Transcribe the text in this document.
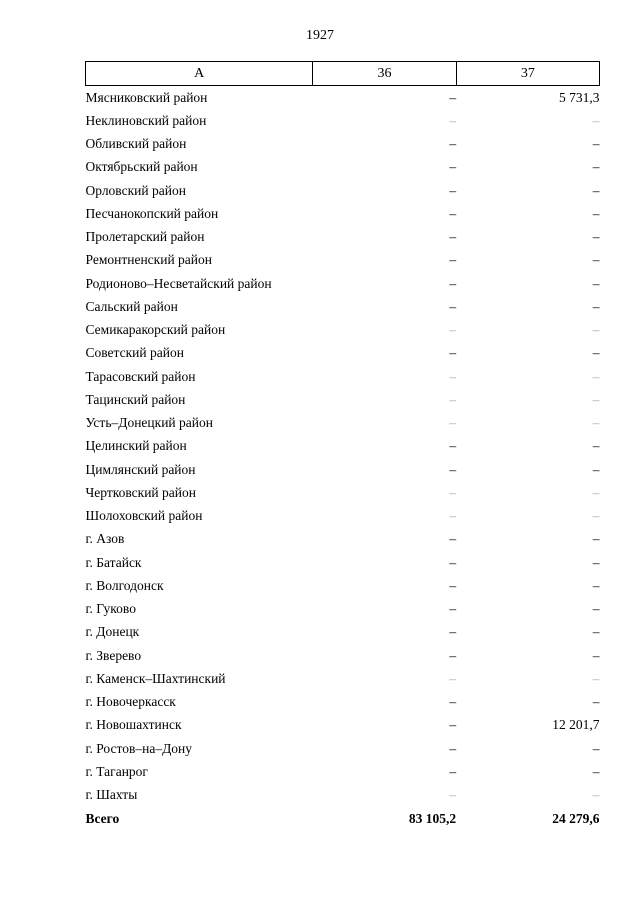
1927
А	36	37
Мясниковский район	–	5 731,3
Неклиновский район	–	–
Обливский район	–	–
Октябрьский район	–	–
Орловский район	–	–
Песчанокопский район	–	–
Пролетарский район	–	–
Ремонтненский район	–	–
Родионово–Несветайский район	–	–
Сальский район	–	–
Семикаракорский район	–	–
Советский район	–	–
Тарасовский район	–	–
Тацинский район	–	–
Усть–Донецкий район	–	–
Целинский район	–	–
Цимлянский район	–	–
Чертковский район	–	–
Шолоховский район	–	–
г. Азов	–	–
г. Батайск	–	–
г. Волгодонск	–	–
г. Гуково	–	–
г. Донецк	–	–
г. Зверево	–	–
г. Каменск–Шахтинский	–	–
г. Новочеркасск	–	–
г. Новошахтинск	–	12 201,7
г. Ростов–на–Дону	–	–
г. Таганрог	–	–
г. Шахты	–	–
Всего	83 105,2	24 279,6
